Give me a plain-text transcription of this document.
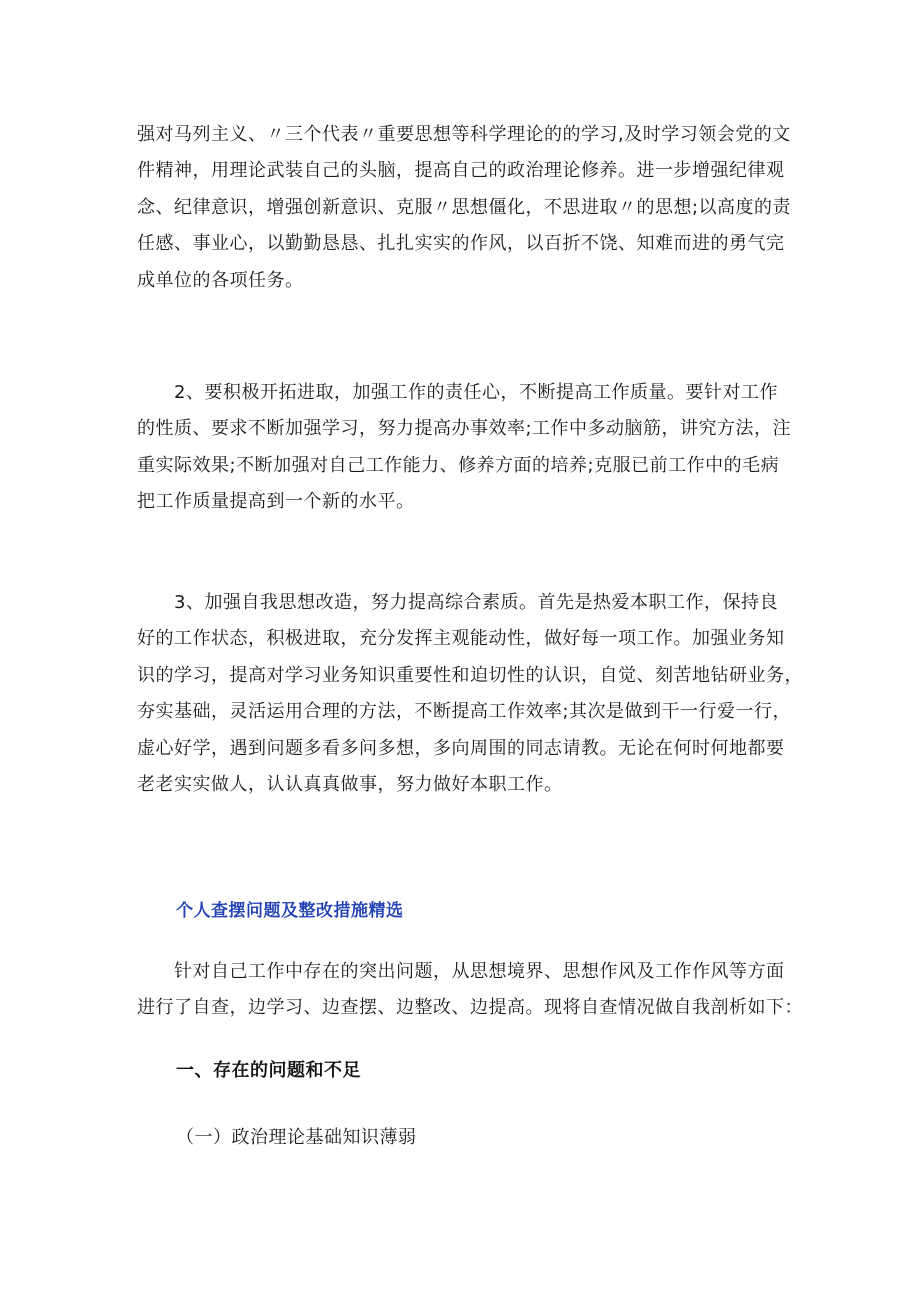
强对马列主义、〃三个代表〃重要思想等科学理论的的学习,及时学习领会党的文
件精神，用理论武装自己的头脑，提高自己的政治理论修养。进一步增强纪律观
念、纪律意识，增强创新意识、克服〃思想僵化，不思进取〃的思想;以高度的责
任感、事业心，以勤勤恳恳、扎扎实实的作风，以百折不饶、知难而进的勇气完
成单位的各项任务。

　　2、要积极开拓进取，加强工作的责任心，不断提高工作质量。要针对工作
的性质、要求不断加强学习，努力提高办事效率;工作中多动脑筋，讲究方法，注
重实际效果;不断加强对自己工作能力、修养方面的培养;克服已前工作中的毛病
把工作质量提高到一个新的水平。

　　3、加强自我思想改造，努力提高综合素质。首先是热爱本职工作，保持良
好的工作状态，积极进取，充分发挥主观能动性，做好每一项工作。加强业务知
识的学习，提高对学习业务知识重要性和迫切性的认识，自觉、刻苦地钻研业务，
夯实基础，灵活运用合理的方法，不断提高工作效率;其次是做到干一行爱一行，
虚心好学，遇到问题多看多问多想，多向周围的同志请教。无论在何时何地都要
老老实实做人，认认真真做事，努力做好本职工作。

个人查摆问题及整改措施精选

　　针对自己工作中存在的突出问题，从思想境界、思想作风及工作作风等方面
进行了自查，边学习、边查摆、边整改、边提高。现将自查情况做自我剖析如下：

一、存在的问题和不足

（一）政治理论基础知识薄弱
